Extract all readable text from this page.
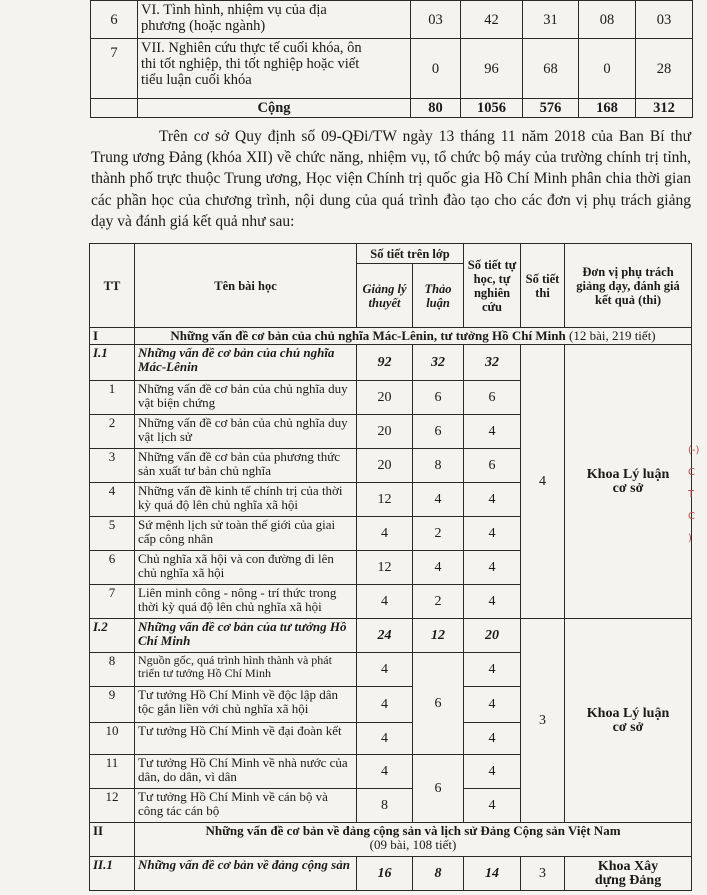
6	VI. Tình hình, nhiệm vụ của địa
phương (hoặc ngành)	03	42	31	08	03
7	VII. Nghiên cứu thực tế cuối khóa, ôn
thi tốt nghiệp, thi tốt nghiệp hoặc viết
tiểu luận cuối khóa	0	96	68	0	28
	Cộng	80	1056	576	168	312

Trên cơ sở Quy định số 09-QĐi/TW ngày 13 tháng 11 năm 2018 của Ban Bí thư Trung ương Đảng (khóa XII) về chức năng, nhiệm vụ, tổ chức bộ máy của trường chính trị tỉnh, thành phố trực thuộc Trung ương, Học viện Chính trị quốc gia Hồ Chí Minh phân chia thời gian các phần học của chương trình, nội dung của quá trình đào tạo cho các đơn vị phụ trách giảng dạy và đánh giá kết quả như sau:

TT	Tên bài học	Số tiết trên lớp		Số tiết tự học, tự nghiên cứu	Số tiết thi	Đơn vị phụ trách giảng dạy, đánh giá kết quả (thi)
		Giảng lý thuyết	Thảo luận			
I	Những vấn đề cơ bản của chủ nghĩa Mác-Lênin, tư tưởng Hồ Chí Minh (12 bài, 219 tiết)					
I.1	Những vấn đề cơ bản của chủ nghĩa Mác-Lênin	92	32	32	4	Khoa Lý luận cơ sở
1	Những vấn đề cơ bản của chủ nghĩa duy vật biện chứng	20	6	6		
2	Những vấn đề cơ bản của chủ nghĩa duy vật lịch sử	20	6	4		
3	Những vấn đề cơ bản của phương thức sản xuất tư bản chủ nghĩa	20	8	6		
4	Những vấn đề kinh tế chính trị của thời kỳ quá độ lên chủ nghĩa xã hội	12	4	4		
5	Sứ mệnh lịch sử toàn thế giới của giai cấp công nhân	4	2	4		
6	Chủ nghĩa xã hội và con đường đi lên chủ nghĩa xã hội	12	4	4		
7	Liên minh công - nông - trí thức trong thời kỳ quá độ lên chủ nghĩa xã hội	4	2	4		
I.2	Những vấn đề cơ bản của tư tưởng Hồ Chí Minh	24	12	20	3	Khoa Lý luận cơ sở
8	Nguồn gốc, quá trình hình thành và phát triển tư tưởng Hồ Chí Minh	4	6	4		
9	Tư tưởng Hồ Chí Minh về độc lập dân tộc gắn liền với chủ nghĩa xã hội	4		4		
10	Tư tưởng Hồ Chí Minh về đại đoàn kết	4		4		
11	Tư tưởng Hồ Chí Minh về nhà nước của dân, do dân, vì dân	4	6	4		
12	Tư tưởng Hồ Chí Minh về cán bộ và công tác cán bộ	8		4		
II	Những vấn đề cơ bản về đảng cộng sản và lịch sử Đảng Cộng sản Việt Nam
(09 bài, 108 tiết)					
II.1	Những vấn đề cơ bản về đảng cộng sản	16	8	14	3	Khoa Xây dựng Đảng
(-)
C
T
C
)
